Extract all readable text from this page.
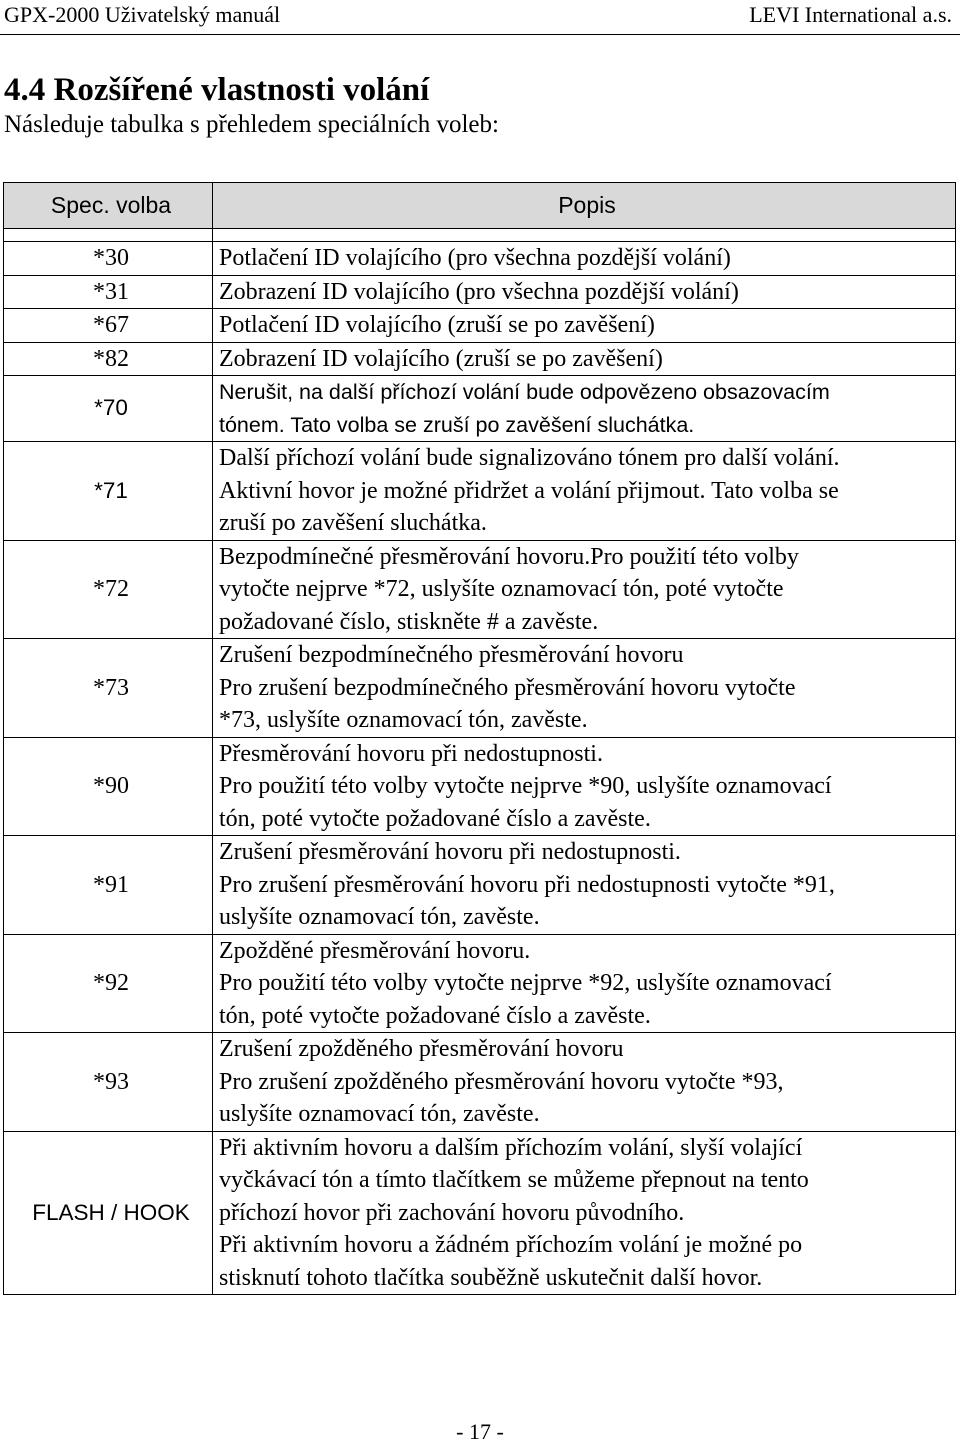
GPX-2000 Uživatelský manuál	LEVI International a.s.
4.4 Rozšířené vlastnosti volání
Následuje tabulka s přehledem speciálních voleb:
Spec. volba	Popis

*30	Potlačení ID volajícího (pro všechna pozdější volání)

*31	Zobrazení ID volajícího (pro všechna pozdější volání)

*67	Potlačení ID volajícího (zruší se po zavěšení)

*82	Zobrazení ID volajícího (zruší se po zavěšení)

*70	Nerušit, na další příchozí volání bude odpovězeno obsazovacím
tónem. Tato volba se zruší po zavěšení sluchátka.

*71	Další příchozí volání bude signalizováno tónem pro další volání.
Aktivní hovor je možné přidržet a volání přijmout. Tato volba se
zruší po zavěšení sluchátka.

*72	Bezpodmínečné přesměrování hovoru.Pro použití této volby
vytočte nejprve *72, uslyšíte oznamovací tón, poté vytočte
požadované číslo, stiskněte # a zavěste.

*73	Zrušení bezpodmínečného přesměrování hovoru
Pro zrušení bezpodmínečného přesměrování hovoru vytočte
*73, uslyšíte oznamovací tón, zavěste.

*90	Přesměrování hovoru při nedostupnosti.
Pro použití této volby vytočte nejprve *90, uslyšíte oznamovací
tón, poté vytočte požadované číslo a zavěste.

*91	Zrušení přesměrování hovoru při nedostupnosti.
Pro zrušení přesměrování hovoru při nedostupnosti vytočte *91,
uslyšíte oznamovací tón, zavěste.

*92	Zpožděné přesměrování hovoru.
Pro použití této volby vytočte nejprve *92, uslyšíte oznamovací
tón, poté vytočte požadované číslo a zavěste.

*93	Zrušení zpožděného přesměrování hovoru
Pro zrušení zpožděného přesměrování hovoru vytočte *93,
uslyšíte oznamovací tón, zavěste.

FLASH / HOOK	Při aktivním hovoru a dalším příchozím volání, slyší volající
vyčkávací tón a tímto tlačítkem se můžeme přepnout na tento
příchozí hovor při zachování hovoru původního.
Při aktivním hovoru a žádném příchozím volání je možné po
stisknutí tohoto tlačítka souběžně uskutečnit další hovor.
- 17 -
